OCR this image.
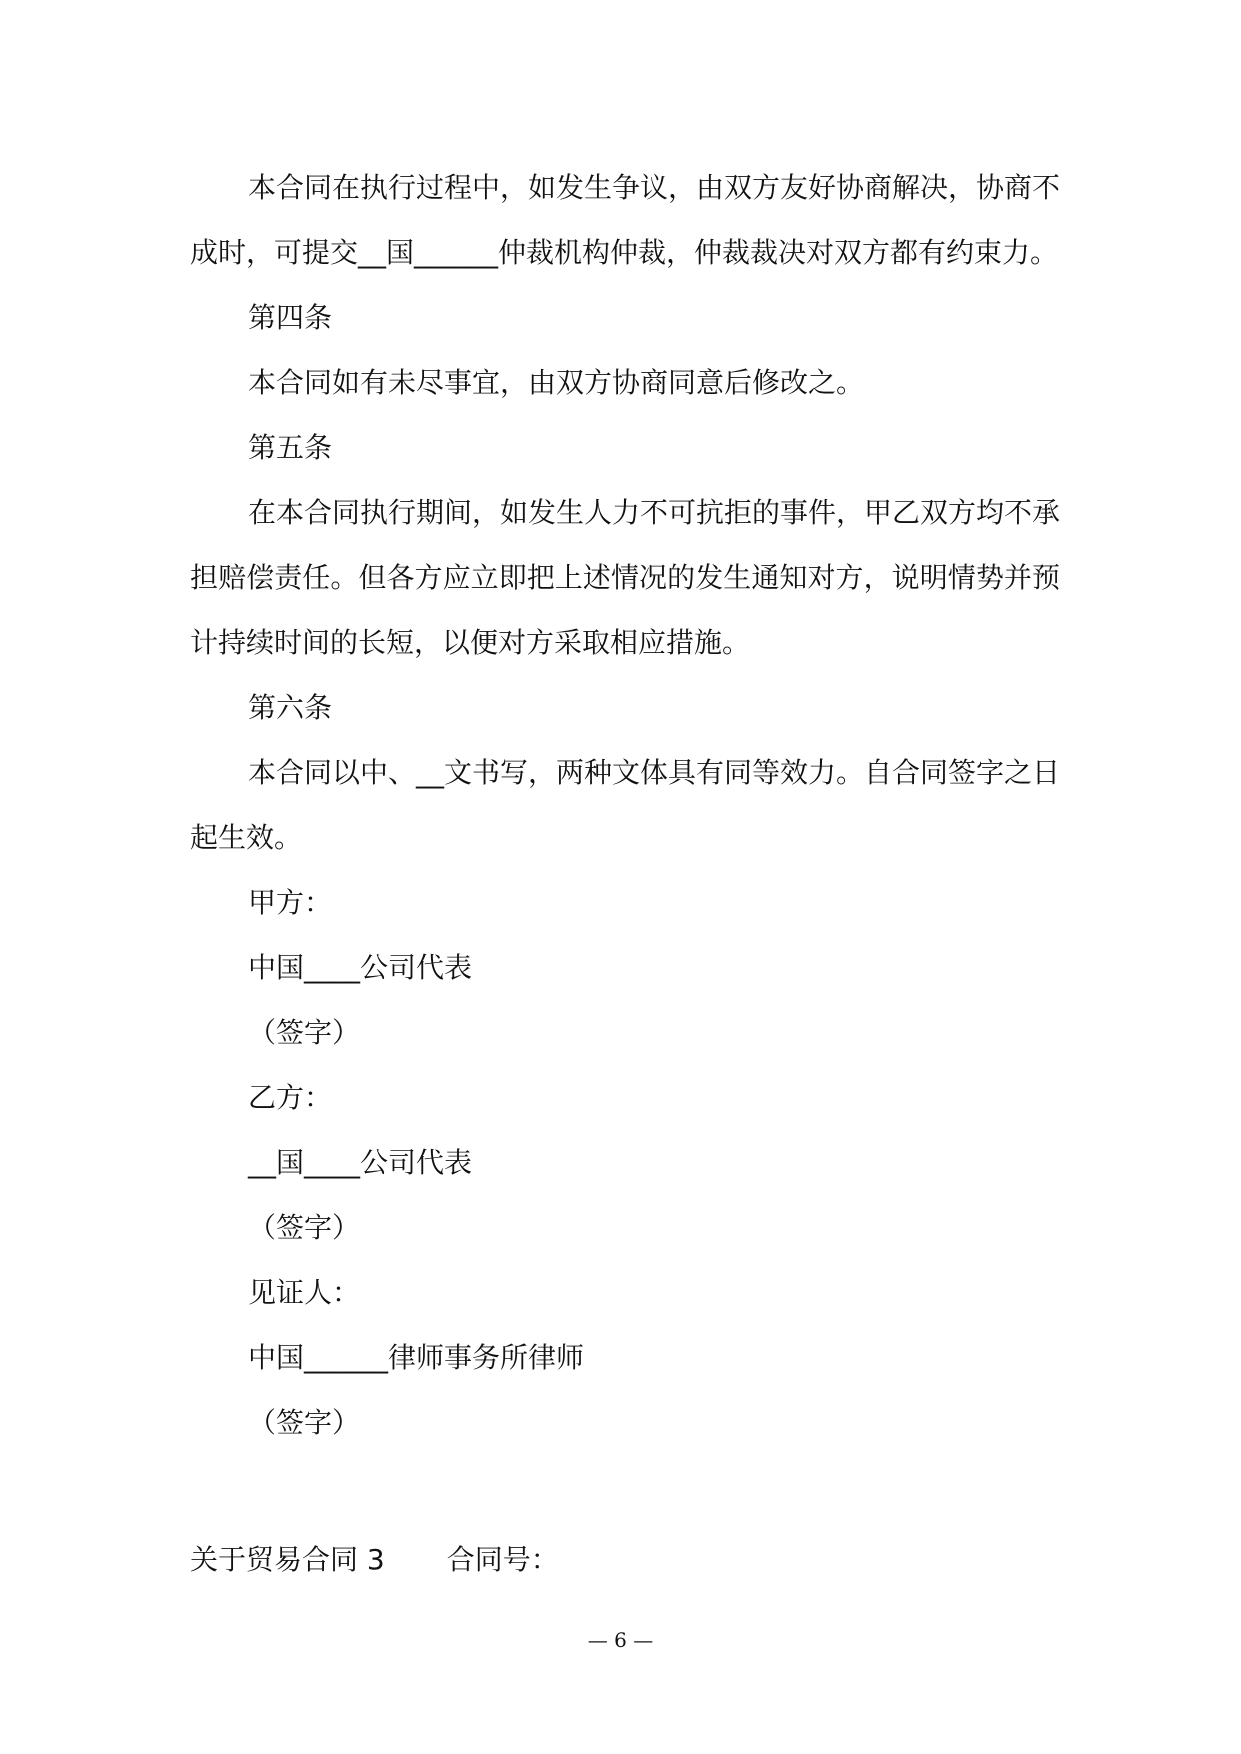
本合同在执行过程中，如发生争议，由双方友好协商解决，协商不成时，可提交__国______仲裁机构仲裁，仲裁裁决对双方都有约束力。
第四条
本合同如有未尽事宜，由双方协商同意后修改之。
第五条
在本合同执行期间，如发生人力不可抗拒的事件，甲乙双方均不承担赔偿责任。但各方应立即把上述情况的发生通知对方，说明情势并预计持续时间的长短，以便对方采取相应措施。
第六条
本合同以中、__文书写，两种文体具有同等效力。自合同签字之日起生效。
甲方：
中国____公司代表
（签字）
乙方：
__国____公司代表
（签字）
见证人：
中国______律师事务所律师
（签字）
关于贸易合同 3 合同号：
— 6 —
